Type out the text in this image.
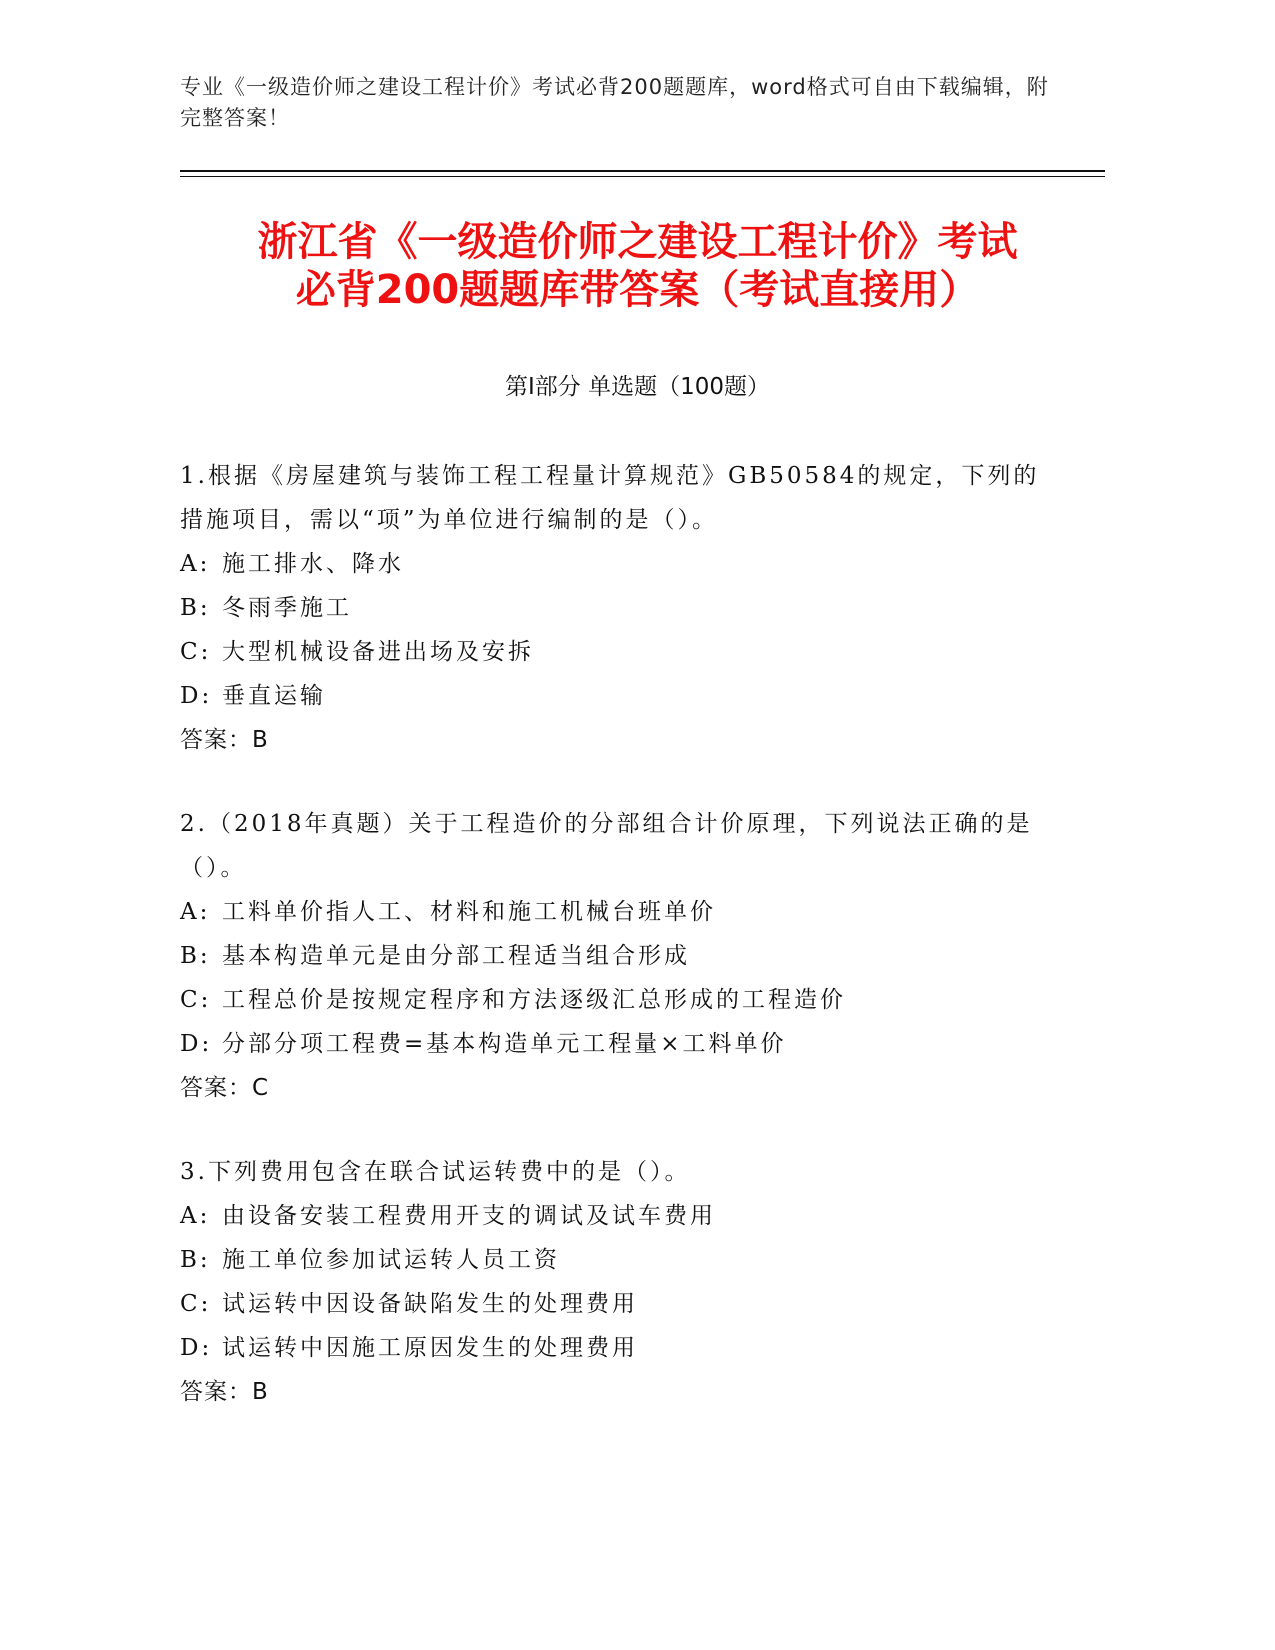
专业《一级造价师之建设工程计价》考试必背200题题库，word格式可自由下载编辑，附完整答案！
浙江省《一级造价师之建设工程计价》考试
必背200题题库带答案（考试直接用）
第Ⅰ部分 单选题（100题）
1.根据《房屋建筑与装饰工程工程量计算规范》GB50584的规定，下列的措施项目，需以“项”为单位进行编制的是（）。
A: 施工排水、降水
B: 冬雨季施工
C: 大型机械设备进出场及安拆
D: 垂直运输
答案：B
2.（2018年真题）关于工程造价的分部组合计价原理，下列说法正确的是（）。
A: 工料单价指人工、材料和施工机械台班单价
B: 基本构造单元是由分部工程适当组合形成
C: 工程总价是按规定程序和方法逐级汇总形成的工程造价
D: 分部分项工程费=基本构造单元工程量×工料单价
答案：C
3.下列费用包含在联合试运转费中的是（）。
A: 由设备安装工程费用开支的调试及试车费用
B: 施工单位参加试运转人员工资
C: 试运转中因设备缺陷发生的处理费用
D: 试运转中因施工原因发生的处理费用
答案：B
